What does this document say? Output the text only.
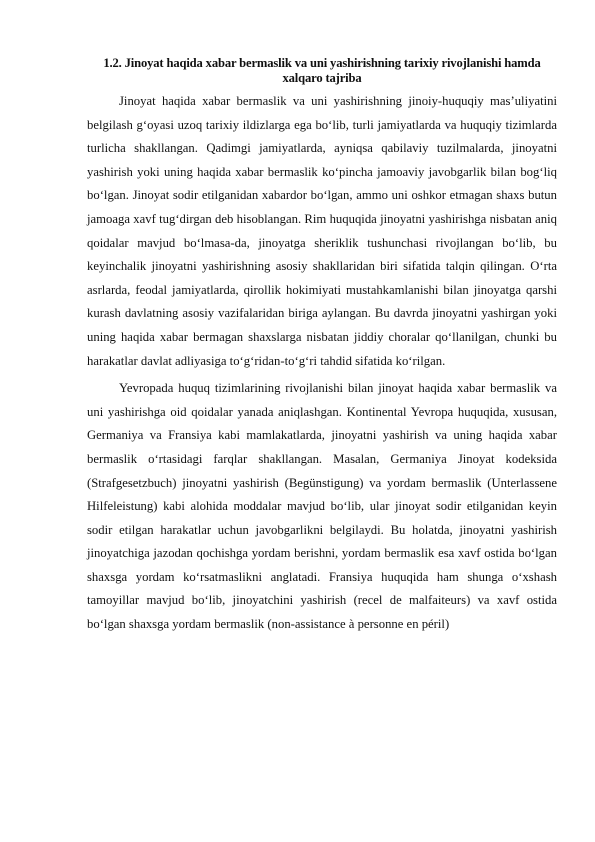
1.2. Jinoyat haqida xabar bermaslik va uni yashirishning tarixiy rivojlanishi hamda xalqaro tajriba

Jinoyat haqida xabar bermaslik va uni yashirishning jinoiy-huquqiy mas’uliyatini belgilash g‘oyasi uzoq tarixiy ildizlarga ega bo‘lib, turli jamiyatlarda va huquqiy tizimlarda turlicha shakllangan. Qadimgi jamiyatlarda, ayniqsa qabilaviy tuzilmalarda, jinoyatni yashirish yoki uning haqida xabar bermaslik ko‘pincha jamoaviy javobgarlik bilan bog‘liq bo‘lgan. Jinoyat sodir etilganidan xabardor bo‘lgan, ammo uni oshkor etmagan shaxs butun jamoaga xavf tug‘dirgan deb hisoblangan. Rim huquqida jinoyatni yashirishga nisbatan aniq qoidalar mavjud bo‘lmasa-da, jinoyatga sheriklik tushunchasi rivojlangan bo‘lib, bu keyinchalik jinoyatni yashirishning asosiy shakllaridan biri sifatida talqin qilingan. O‘rta asrlarda, feodal jamiyatlarda, qirollik hokimiyati mustahkamlanishi bilan jinoyatga qarshi kurash davlatning asosiy vazifalaridan biriga aylangan. Bu davrda jinoyatni yashirgan yoki uning haqida xabar bermagan shaxslarga nisbatan jiddiy choralar qo‘llanilgan, chunki bu harakatlar davlat adliyasiga to‘g‘ridan-to‘g‘ri tahdid sifatida ko‘rilgan.

Yevropada huquq tizimlarining rivojlanishi bilan jinoyat haqida xabar bermaslik va uni yashirishga oid qoidalar yanada aniqlashgan. Kontinental Yevropa huquqida, xususan, Germaniya va Fransiya kabi mamlakatlarda, jinoyatni yashirish va uning haqida xabar bermaslik o‘rtasidagi farqlar shakllangan. Masalan, Germaniya Jinoyat kodeksida (Strafgesetzbuch) jinoyatni yashirish (Begünstigung) va yordam bermaslik (Unterlassene Hilfeleistung) kabi alohida moddalar mavjud bo‘lib, ular jinoyat sodir etilganidan keyin sodir etilgan harakatlar uchun javobgarlikni belgilaydi. Bu holatda, jinoyatni yashirish jinoyatchiga jazodan qochishga yordam berishni, yordam bermaslik esa xavf ostida bo‘lgan shaxsga yordam ko‘rsatmaslikni anglatadi. Fransiya huquqida ham shunga o‘xshash tamoyillar mavjud bo‘lib, jinoyatchini yashirish (recel de malfaiteurs) va xavf ostida bo‘lgan shaxsga yordam bermaslik (non-assistance à personne en péril)
